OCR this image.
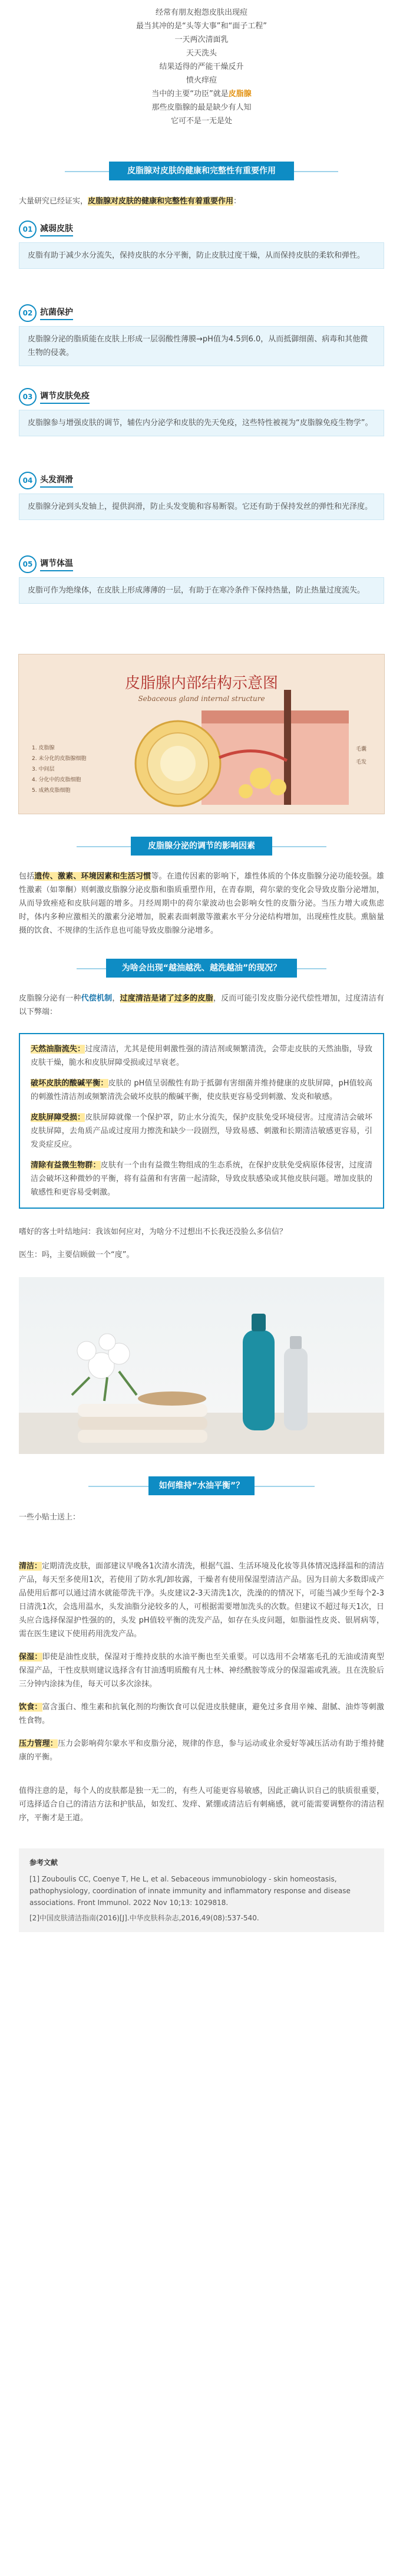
经常有朋友抱怨皮肤出现痘

最当其冲的是“头等大事”和“面子工程”

一天两次清面乳

天天洗头

结果适得的严能干燥反升

愤火痒痘

当中的主要“功臣”就是皮脂腺

那些皮脂腺的最是缺少有人知

它可不是一无是处

皮脂腺对皮肤的健康和完整性有重要作用

大量研究已经证实，皮脂腺对皮肤的健康和完整性有着重要作用：

01 减弱皮肤
皮脂有助于减少水分流失，保持皮肤的水分平衡，防止皮肤过度干燥，从而保持皮肤的柔软和弹性。
02 抗菌保护
皮脂腺分泌的脂质能在皮肤上形成一层弱酸性薄膜→pH值为4.5到6.0，从而抵御细菌、病毒和其他微生物的侵袭。
03 调节皮肤免疫
皮脂腺参与增强皮肤的调节，辅佐内分泌学和皮肤的先天免疫，这些特性被视为“皮脂腺免疫生物学”。
04 头发润滑
皮脂腺分泌到头发轴上，提供润滑，防止头发变脆和容易断裂。它还有助于保持发丝的弹性和光泽度。
05 调节体温
皮脂可作为绝缘体，在皮肤上形成薄薄的一层，有助于在寒冷条件下保持热量，防止热量过度流失。
皮脂腺内部结构示意图
Sebaceous gland internal structure
1. 皮脂腺
2. 未分化的皮脂腺细胞
3. 中间层
4. 分化中的皮脂细胞
5. 成熟皮脂细胞
毛囊
毛发
皮脂腺分泌的调节的影响因素

包括遗传、激素、环境因素和生活习惯等。在遗传因素的影响下，雄性体质的个体皮脂腺分泌功能较强。雄性激素（如睾酮）则刺激皮脂腺分泌皮脂和脂质重塑作用，在青春期，荷尔蒙的变化会导致皮脂分泌增加，从而导致痤疮和皮肤问题的增多。月经周期中的荷尔蒙波动也会影响女性的皮脂分泌。当压力增大或焦虑时，体内多种应激相关的激素分泌增加，脱素表面刺激等激素水平分分泌结构增加，出现痤性皮肤。熏脑量摄的饮食、不规律的生活作息也可能导致皮脂腺分泌增多。

为啥会出现“越油越洗、越洗越油”的现况？

皮脂腺分泌有一种代偿机制，过度清洁是诸了过多的皮脂，反而可能引发皮脂分泌代偿性增加，过度清洁有以下弊端：

天然油脂流失：过度清洁，尤其是使用刺激性强的清洁剂或频繁清洗，会带走皮肤的天然油脂，导致皮肤干燥，脆水和皮肤屏障受损或过早衰老。

破坏皮肤的酸碱平衡：皮肤的 pH值呈弱酸性有助于抵御有害细菌并维持健康的皮肤屏障，pH值较高的刺激性清洁剂或频繁清洗会破坏皮肤的酸碱平衡，使皮肤更容易受到刺激、发炎和敏感。

皮肤屏障受损：皮肤屏障就像一个保护罩，防止水分流失，保护皮肤免受环境侵害。过度清洁会破坏皮肤屏障，去角质产品或过度用力擦洗和缺少一段剧烈，导致易感、刺激和长期清洁敏感更容易，引发炎症反应。

清除有益微生物群：皮肤有一个由有益微生物组成的生态系统，在保护皮肤免受病原体侵害，过度清洁会破坏这种微妙的平衡，将有益菌和有害菌一起清除，导致皮肤感染或其他皮肤问题。增加皮肤的敏感性和更容易受刺激。

嗜好的客士叶结地问：我该如何应对，为啥分不过想出不长我还没脸么多信信？

医生：吗，主要信顾做一个“度”。

如何维持“水油平衡”？

一些小贴士送上：

清洁：定期清洗皮肤，面部建议早晚各1次清水清洗，根据气温、生活环境及化妆等具体情况选择温和的清洁产品，每天至多使用1次，若使用了防水乳/卸妆露，干燥者有使用保湿型清洁产品。因为目前大多数即成产品使用后都可以通过清水就能带洗干净。头皮建议2-3天清洗1次，洗澡的的情况下，可能当减少至每个2-3日清洗1次，会选用温水，头发油脂分泌较多的人，可根据需要增加洗头的次数。但建议不超过每天1次，日头应合选择保湿护性强的的，头发 pH值较平衡的洗发产品，如存在头皮问题，如脂溢性皮炎、银屑病等，需在医生建议下使用药用洗发产品。

保湿：即使是油性皮肤，保湿对于维持皮肤的水油平衡也至关重要。可以选用不会堵塞毛孔的无油或清爽型保湿产品，干性皮肤则建议选择含有甘油透明质酸有凡士林、神经酰胺等成分的保湿霜或乳液。且在洗脸后三分钟内涂抹为佳，每天可以多次涂抹。

饮食：富含蛋白、维生素和抗氧化剂的均衡饮食可以促进皮肤健康，避免过多食用辛辣、甜腻、油炸等刺激性食物。

压力管理：压力会影响荷尔蒙水平和皮脂分泌，规律的作息，参与运动或业余爱好等减压活动有助于维持健康的平衡。

值得注意的是，每个人的皮肤都是独一无二的，有些人可能更容易敏感，因此正确认识自己的肤质很重要，可选择适合自己的清洁方法和护肤品，如发红、发痒、紧绷或清洁后有刺痛感，就可能需要调整你的清洁程序，平衡才是王道。

参考文献
[1] Zouboulis CC, Coenye T, He L, et al. Sebaceous immunobiology - skin homeostasis, pathophysiology, coordination of innate immunity and inflammatory response and disease associations. Front Immunol. 2022 Nov 10;13: 1029818.
[2]中国皮肤清洁指南(2016)[J].中华皮肤科杂志,2016,49(08):537-540.
